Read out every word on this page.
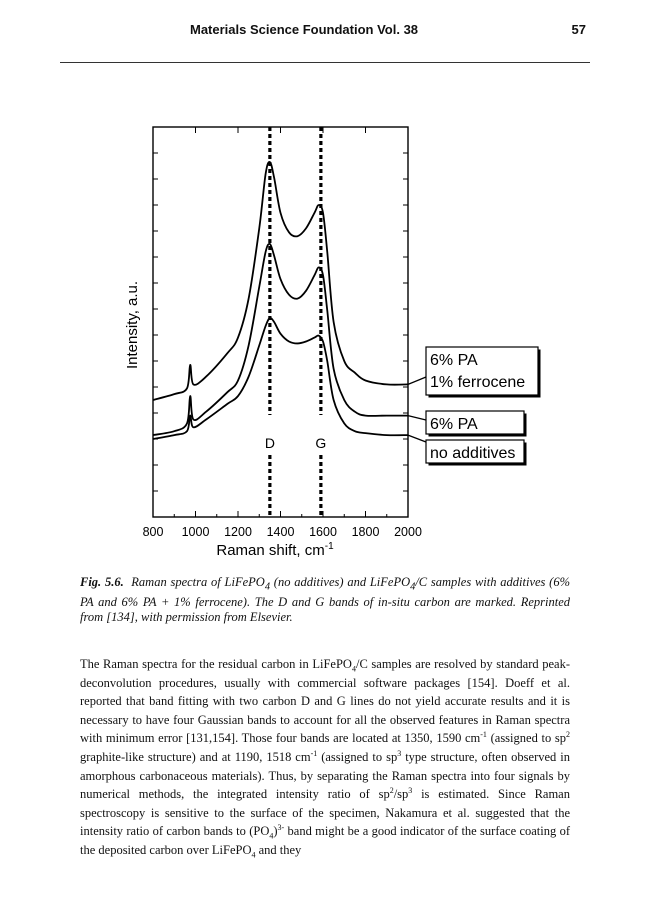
Materials Science Foundation Vol. 38	57
800 1000 1200 1400 1600 1800 2000
D	G
6% PA
1% ferrocene
6% PA
no additives
Intensity, a.u.
Raman shift, $cm^{-1}$
Fig. 5.6. Raman spectra of LiFePO$_4$ (no additives) and LiFePO$_4$/C samples with additives (6% PA and 6% PA + 1% ferrocene). The D and G bands of in-situ carbon are marked. Reprinted from [134], with permission from Elsevier.
The Raman spectra for the residual carbon in LiFePO$_4$/C samples are resolved by standard peak-deconvolution procedures, usually with commercial software packages [154]. Doeff et al. reported that band fitting with two carbon D and G lines do not yield accurate results and it is necessary to have four Gaussian bands to account for all the observed features in Raman spectra with minimum error [131,154]. Those four bands are located at 1350, 1590 $cm^{-1}$ (assigned to $sp^2$ graphite-like structure) and at 1190, 1518 $cm^{-1}$ (assigned to $sp^3$ type structure, often observed in amorphous carbonaceous materials). Thus, by separating the Raman spectra into four signals by numerical methods, the integrated intensity ratio of $sp^2/sp^3$ is estimated. Since Raman spectroscopy is sensitive to the surface of the specimen, Nakamura et al. suggested that the intensity ratio of carbon bands to $(PO_4)^{3-}$ band might be a good indicator of the surface coating of the deposited carbon over LiFePO$_4$ and they
